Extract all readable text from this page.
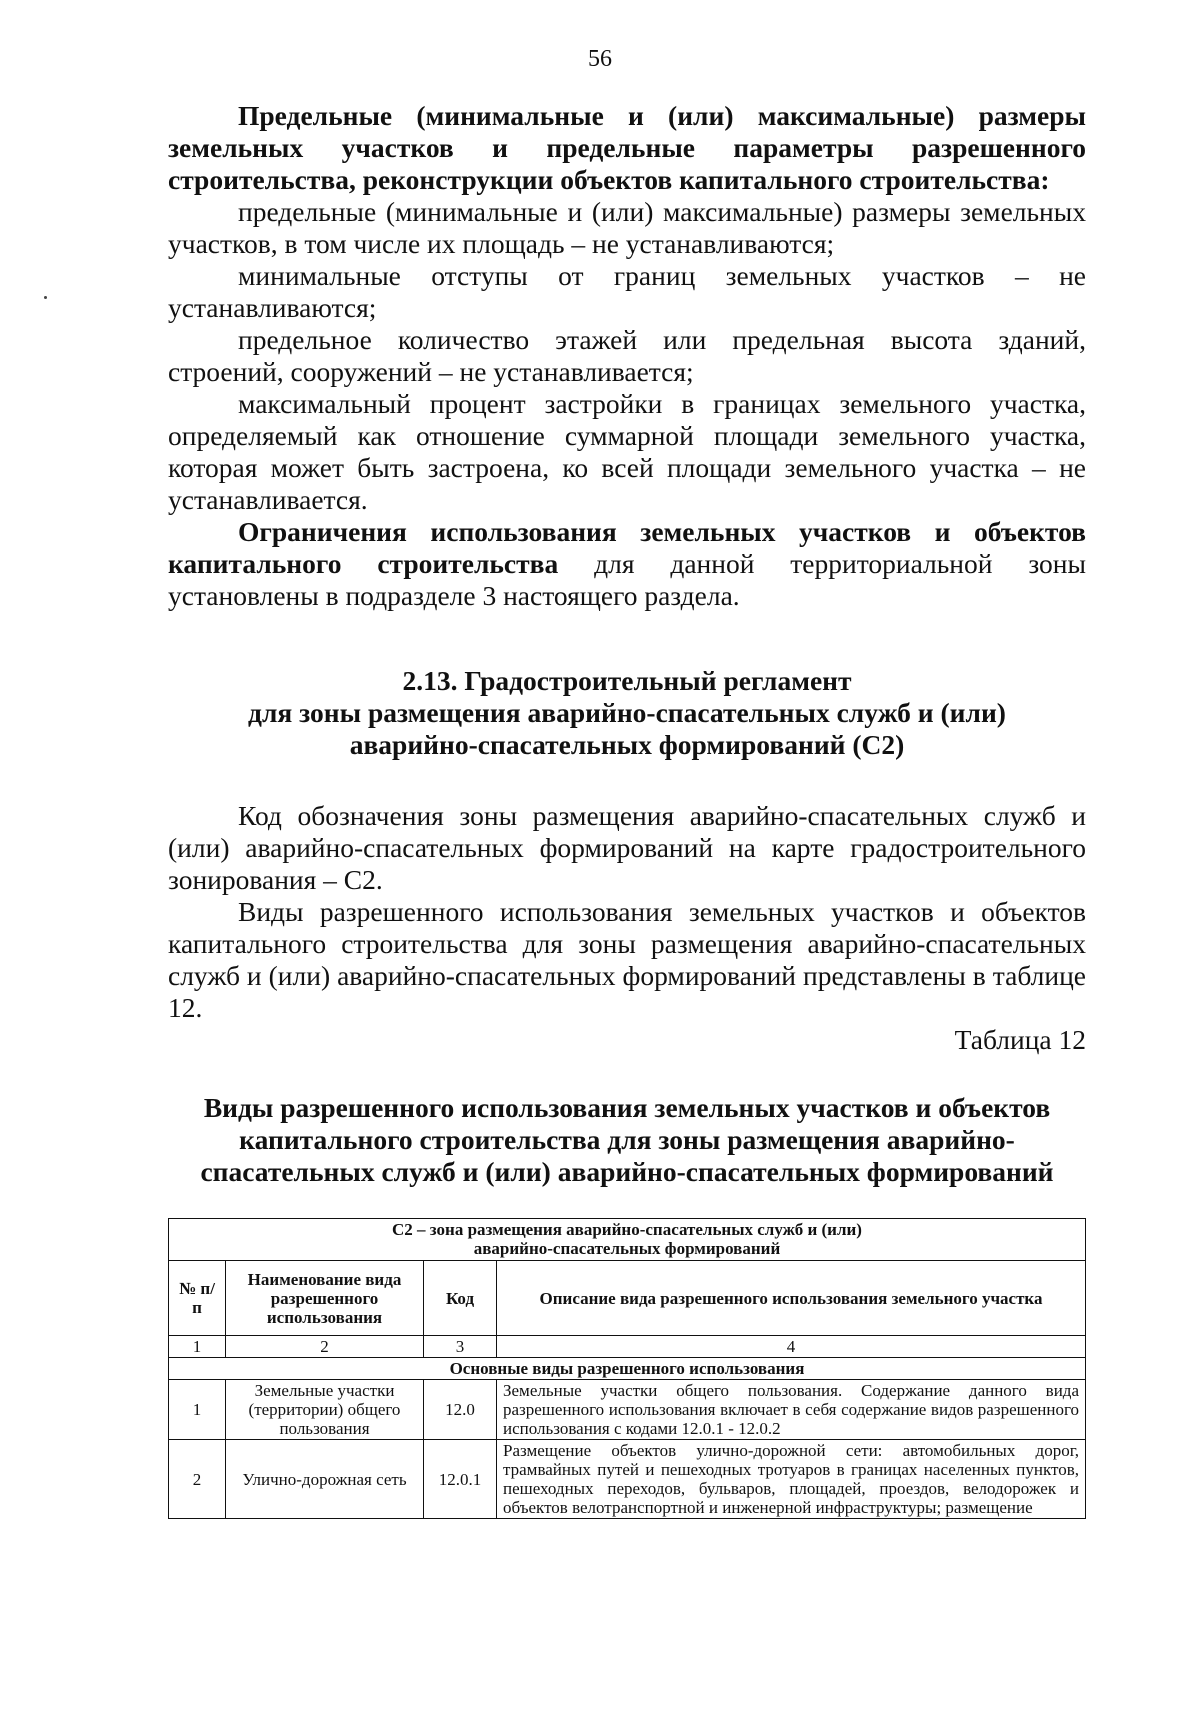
56

Предельные (минимальные и (или) максимальные) размеры земельных участков и предельные параметры разрешенного строительства, реконструкции объектов капитального строительства:

предельные (минимальные и (или) максимальные) размеры земельных участков, в том числе их площадь – не устанавливаются;

минимальные отступы от границ земельных участков – не устанавливаются;

предельное количество этажей или предельная высота зданий, строений, сооружений – не устанавливается;

максимальный процент застройки в границах земельного участка, определяемый как отношение суммарной площади земельного участка, которая может быть застроена, ко всей площади земельного участка – не устанавливается.

Ограничения использования земельных участков и объектов капитального строительства для данной территориальной зоны установлены в подразделе 3 настоящего раздела.

2.13. Градостроительный регламент
для зоны размещения аварийно-спасательных служб и (или)
аварийно-спасательных формирований (С2)

Код обозначения зоны размещения аварийно-спасательных служб и (или) аварийно-спасательных формирований на карте градостроительного зонирования – С2.

Виды разрешенного использования земельных участков и объектов капитального строительства для зоны размещения аварийно-спасательных служб и (или) аварийно-спасательных формирований представлены в таблице 12.

Таблица 12

Виды разрешенного использования земельных участков и объектов
капитального строительства для зоны размещения аварийно-
спасательных служб и (или) аварийно-спасательных формирований
С2 – зона размещения аварийно-спасательных служб и (или)
аварийно-спасательных формирований			

№ п/п	Наименование вида разрешенного использования	Код	Описание вида разрешенного использования земельного участка
1	2	3	4
Основные виды разрешенного использования			
1	Земельные участки (территории) общего пользования	12.0	Земельные участки общего пользования. Содержание данного вида разрешенного использования включает в себя содержание видов разрешенного использования с кодами 12.0.1 - 12.0.2
2	Улично-дорожная сеть	12.0.1	Размещение объектов улично-дорожной сети: автомобильных дорог, трамвайных путей и пешеходных тротуаров в границах населенных пунктов, пешеходных переходов, бульваров, площадей, проездов, велодорожек и объектов велотранспортной и инженерной инфраструктуры; размещение
